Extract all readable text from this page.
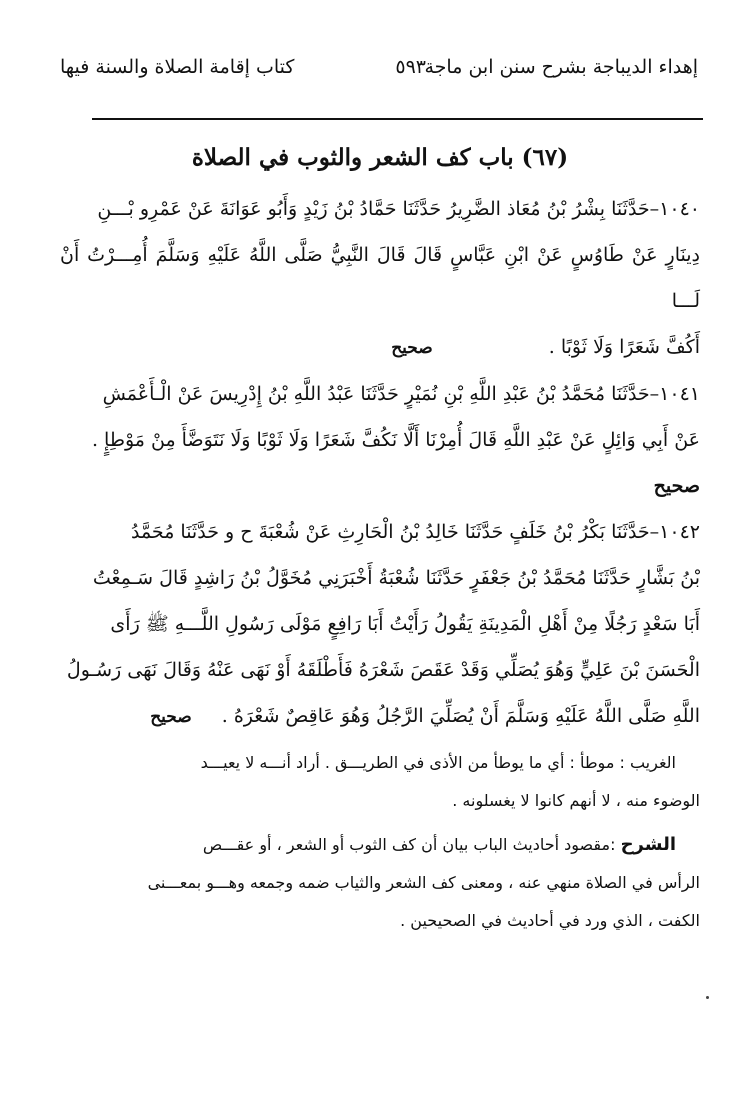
إهداء الديباجة بشرح سنن ابن ماجة
٥٩٣
كتاب إقامة الصلاة والسنة فيها
(٦٧) باب كف الشعر والثوب في الصلاة

١٠٤٠–حَدَّثَنَا بِشْرُ بْنُ مُعَاذ الضَّرِيرُ حَدَّثَنَا حَمَّادُ بْنُ زَيْدٍ وَأَبُو عَوَانَةَ عَنْ عَمْرِو بْـــنِ

دِينَارٍ عَنْ طَاوُسٍ عَنْ ابْنِ عَبَّاسٍ قَالَ قَالَ النَّبِيُّ صَلَّى اللَّهُ عَلَيْهِ وَسَلَّمَ أُمِـــرْتُ أَنْ لَـــا

أَكُفَّ شَعَرًا وَلَا ثَوْبًا . صحيح

١٠٤١–حَدَّثَنَا مُحَمَّدُ بْنُ عَبْدِ اللَّهِ بْنِ نُمَيْرٍ حَدَّثَنَا عَبْدُ اللَّهِ بْنُ إِدْرِيسَ عَنْ الْـأَعْمَشِ

عَنْ أَبِي وَائِلٍ عَنْ عَبْدِ اللَّهِ قَالَ أُمِرْنَا أَلَّا نَكُفَّ شَعَرًا وَلَا ثَوْبًا وَلَا نَتَوَضَّأَ مِنْ مَوْطِإٍ .

صحيح

١٠٤٢–حَدَّثَنَا بَكْرُ بْنُ خَلَفٍ حَدَّثَنَا خَالِدُ بْنُ الْحَارِثِ عَنْ شُعْبَةَ ح و حَدَّثَنَا مُحَمَّدُ

بْنُ بَشَّارٍ حَدَّثَنَا مُحَمَّدُ بْنُ جَعْفَرٍ حَدَّثَنَا شُعْبَةُ أَخْبَرَنِي مُخَوَّلُ بْنُ رَاشِدٍ قَالَ سَـمِعْتُ

أَبَا سَعْدٍ رَجُلًا مِنْ أَهْلِ الْمَدِينَةِ يَقُولُ رَأَيْتُ أَبَا رَافِعٍ مَوْلَى رَسُولِ اللَّـــهِ ﷺ رَأَى

الْحَسَنَ بْنَ عَلِيٍّ وَهُوَ يُصَلِّي وَقَدْ عَقَصَ شَعْرَهُ فَأَطْلَقَهُ أَوْ نَهَى عَنْهُ وَقَالَ نَهَى رَسُـولُ

اللَّهِ صَلَّى اللَّهُ عَلَيْهِ وَسَلَّمَ أَنْ يُصَلِّيَ الرَّجُلُ وَهُوَ عَاقِصٌ شَعْرَهُ . صحيح

الغريب : موطأ : أي ما يوطأ من الأذى في الطريـــق . أراد أنـــه لا يعيـــد

الوضوء منه ، لا أنهم كانوا لا يغسلونه .

الشرح :مقصود أحاديث الباب بيان أن كف الثوب أو الشعر ، أو عقـــص

الرأس في الصلاة منهي عنه ، ومعنى كف الشعر والثياب ضمه وجمعه وهـــو بمعـــنى

الكفت ، الذي ورد في أحاديث في الصحيحين .
